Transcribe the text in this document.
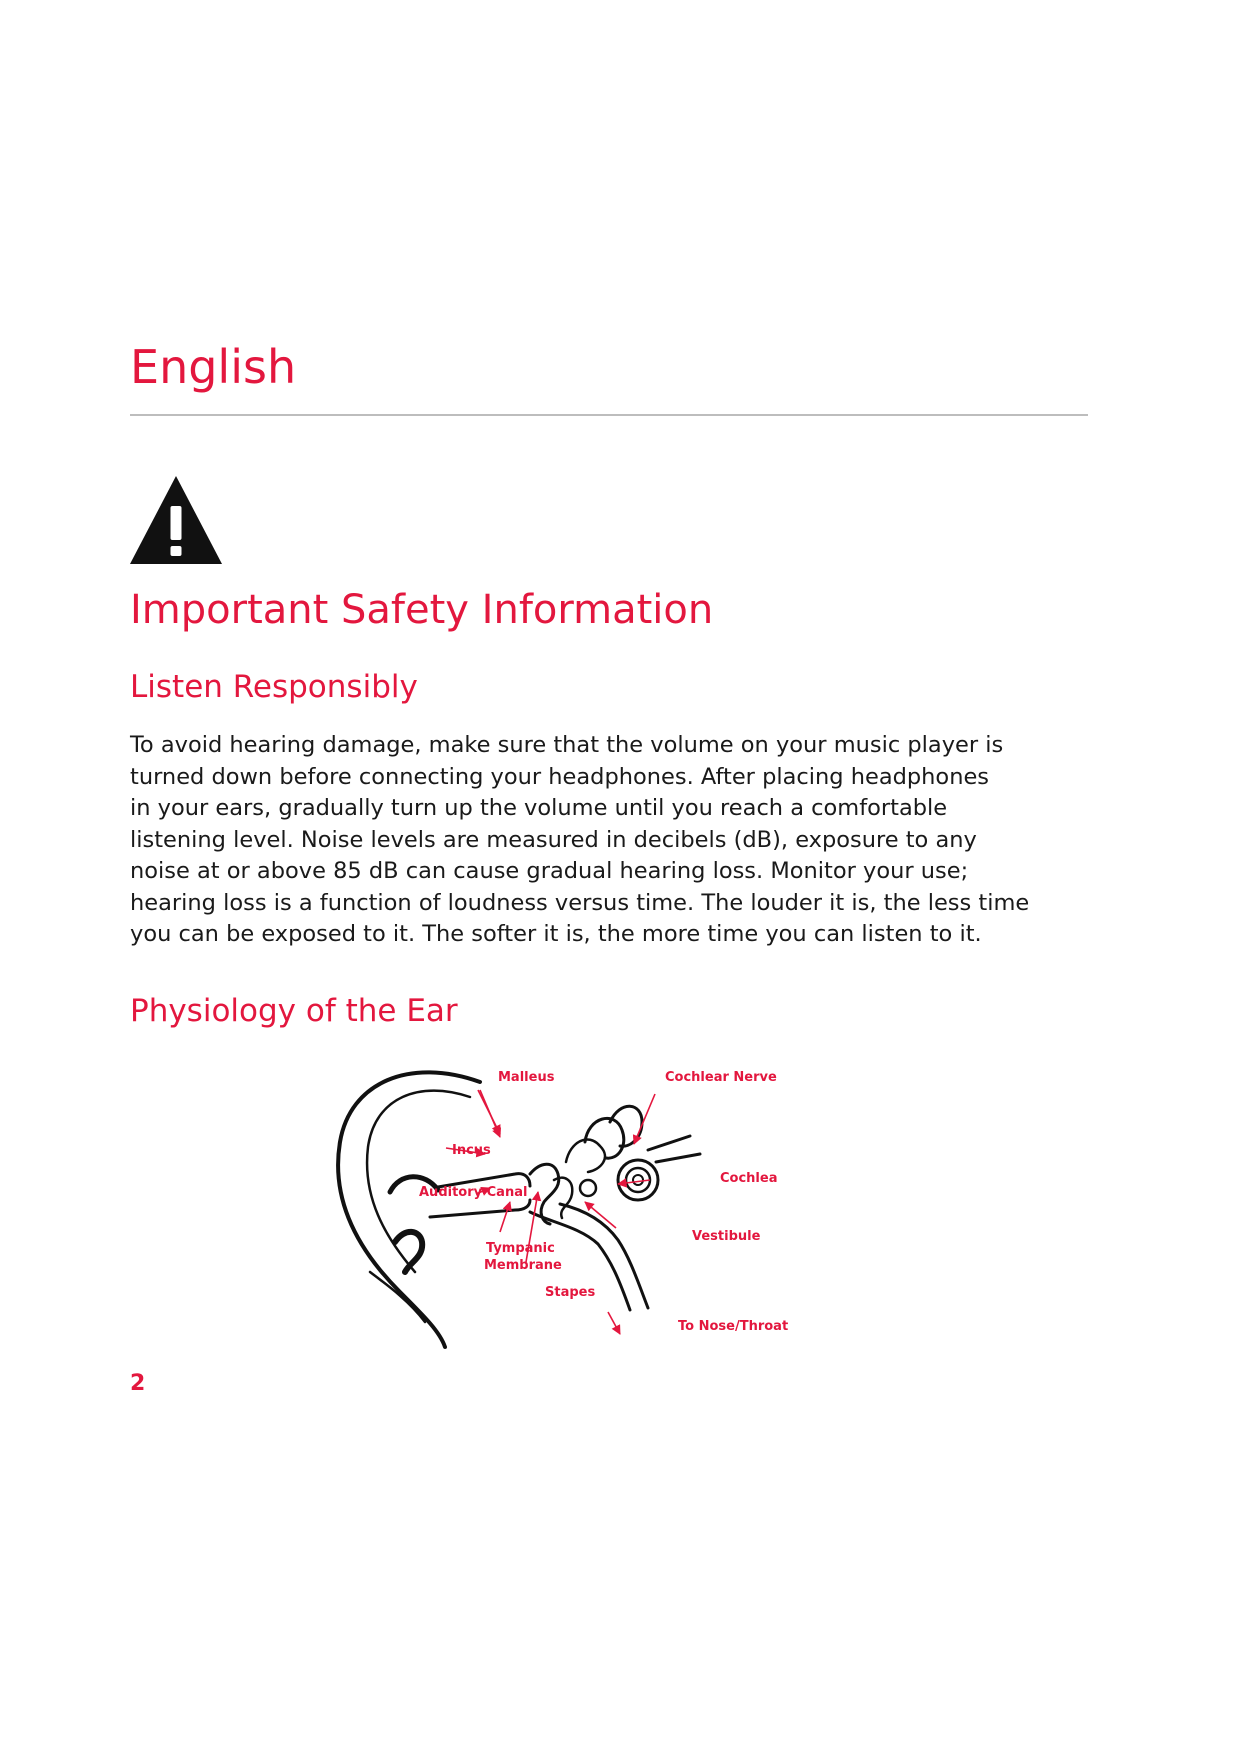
English
Important Safety Information
Listen Responsibly

To avoid hearing damage, make sure that the volume on your music player is
turned down before connecting your headphones. After placing headphones
in your ears, gradually turn up the volume until you reach a comfortable
listening level. Noise levels are measured in decibels (dB), exposure to any
noise at or above 85 dB can cause gradual hearing loss. Monitor your use;
hearing loss is a function of loudness versus time. The louder it is, the less time
you can be exposed to it. The softer it is, the more time you can listen to it.

Physiology of the Ear
Malleus	Cochlear Nerve
Incus
Cochlea
Auditory Canal
Vestibule
Tympanic
Membrane
Stapes
To Nose/Throat
2
